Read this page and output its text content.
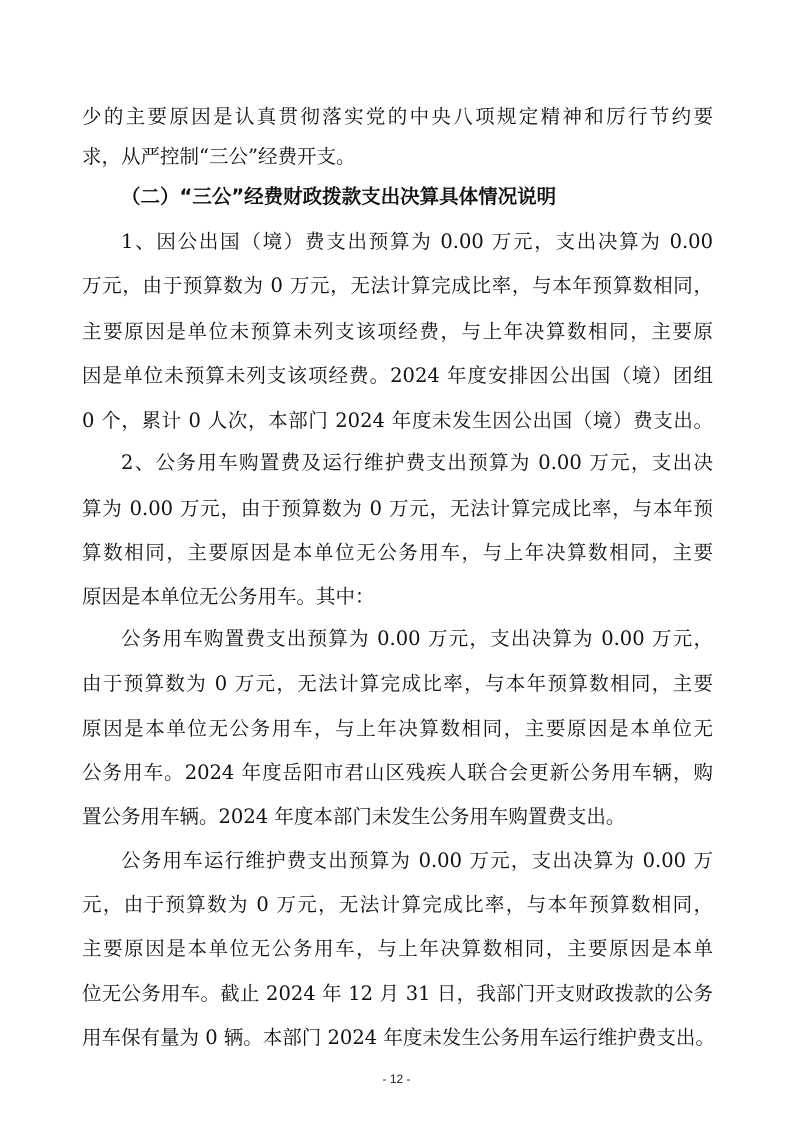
少的主要原因是认真贯彻落实党的中央八项规定精神和厉行节约要
求，从严控制“三公”经费开支。
（二）“三公”经费财政拨款支出决算具体情况说明
1、因公出国（境）费支出预算为 0.00 万元，支出决算为 0.00
万元，由于预算数为 0 万元，无法计算完成比率，与本年预算数相同，
主要原因是单位未预算未列支该项经费，与上年决算数相同，主要原
因是单位未预算未列支该项经费。2024 年度安排因公出国（境）团组
0 个，累计 0 人次，本部门 2024 年度未发生因公出国（境）费支出。
2、公务用车购置费及运行维护费支出预算为 0.00 万元，支出决
算为 0.00 万元，由于预算数为 0 万元，无法计算完成比率，与本年预
算数相同，主要原因是本单位无公务用车，与上年决算数相同，主要
原因是本单位无公务用车。其中：
公务用车购置费支出预算为 0.00 万元，支出决算为 0.00 万元，
由于预算数为 0 万元，无法计算完成比率，与本年预算数相同，主要
原因是本单位无公务用车，与上年决算数相同，主要原因是本单位无
公务用车。2024 年度岳阳市君山区残疾人联合会更新公务用车辆，购
置公务用车辆。2024 年度本部门未发生公务用车购置费支出。
公务用车运行维护费支出预算为 0.00 万元，支出决算为 0.00 万
元，由于预算数为 0 万元，无法计算完成比率，与本年预算数相同，
主要原因是本单位无公务用车，与上年决算数相同，主要原因是本单
位无公务用车。截止 2024 年 12 月 31 日，我部门开支财政拨款的公务
用车保有量为 0 辆。本部门 2024 年度未发生公务用车运行维护费支出。
- 12 -
